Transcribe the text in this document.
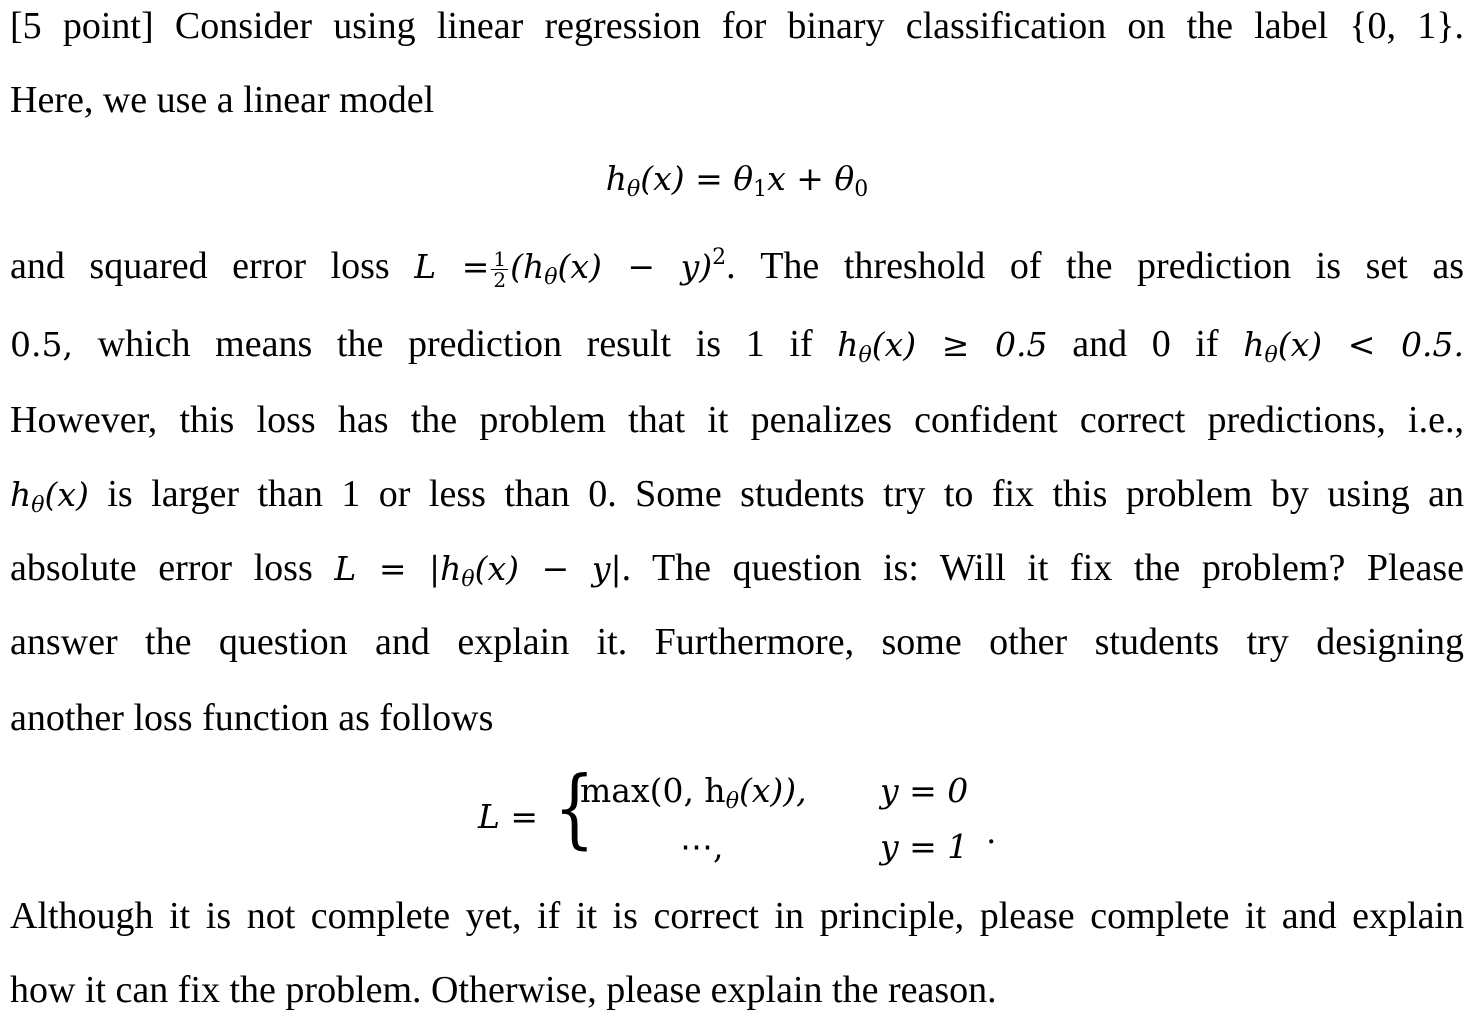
[5 point] Consider using linear regression for binary classification on the label {0, 1}.
Here, we use a linear model
$h_\theta(x) = \theta_1x + \theta_0$
and squared error loss $L = \frac{1}{2} (h_\theta(x) - y)^2$. The threshold of the prediction is set as
0.5, which means the prediction result is 1 if $h_\theta(x) \ge 0.5$ and 0 if $h_\theta(x) < 0.5$.
However, this loss has the problem that it penalizes confident correct predictions, i.e.,
$h_\theta(x)$ is larger than 1 or less than 0. Some students try to fix this problem by using an
absolute error loss $L = |h_\theta(x) - y|$. The question is: Will it fix the problem? Please
answer the question and explain it. Furthermore, some other students try designing
another loss function as follows
L = {
max(0, $h_\theta(x)$), y = 0
⋯,	y = 1 .
Although it is not complete yet, if it is correct in principle, please complete it and explain
how it can fix the problem. Otherwise, please explain the reason.
